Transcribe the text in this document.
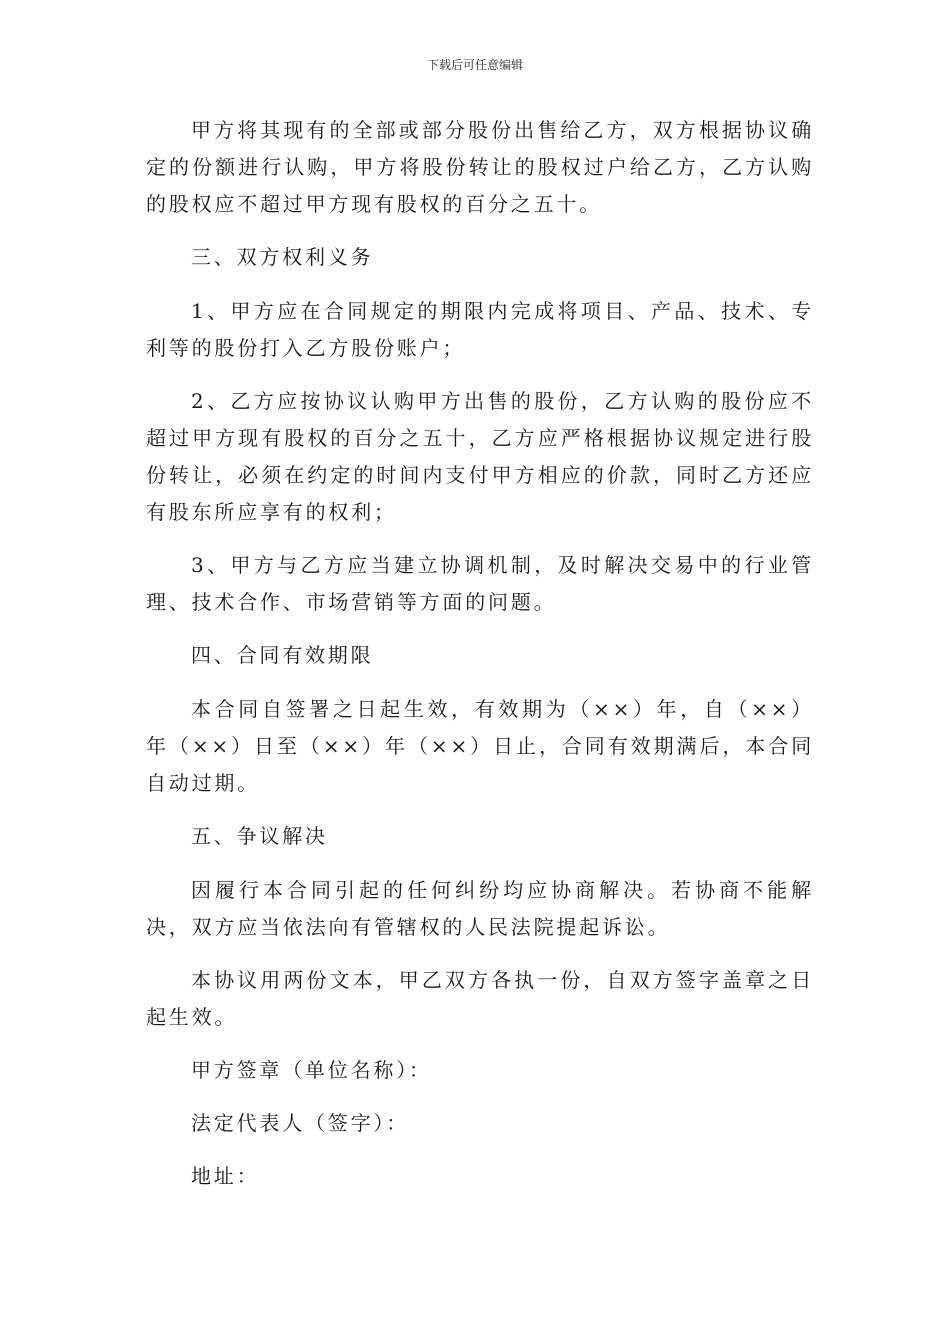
下载后可任意编辑

甲方将其现有的全部或部分股份出售给乙方，双方根据协议确定的份额进行认购，甲方将股份转让的股权过户给乙方，乙方认购的股权应不超过甲方现有股权的百分之五十。

三、双方权利义务

1、甲方应在合同规定的期限内完成将项目、产品、技术、专利等的股份打入乙方股份账户；

2、乙方应按协议认购甲方出售的股份，乙方认购的股份应不超过甲方现有股权的百分之五十，乙方应严格根据协议规定进行股份转让，必须在约定的时间内支付甲方相应的价款，同时乙方还应有股东所应享有的权利；

3、甲方与乙方应当建立协调机制，及时解决交易中的行业管理、技术合作、市场营销等方面的问题。

四、合同有效期限

本合同自签署之日起生效，有效期为（××）年，自（××）年（××）日至（××）年（××）日止，合同有效期满后，本合同自动过期。

五、争议解决

因履行本合同引起的任何纠纷均应协商解决。若协商不能解决，双方应当依法向有管辖权的人民法院提起诉讼。

本协议用两份文本，甲乙双方各执一份，自双方签字盖章之日起生效。

甲方签章（单位名称）：

法定代表人（签字）：

地址：
